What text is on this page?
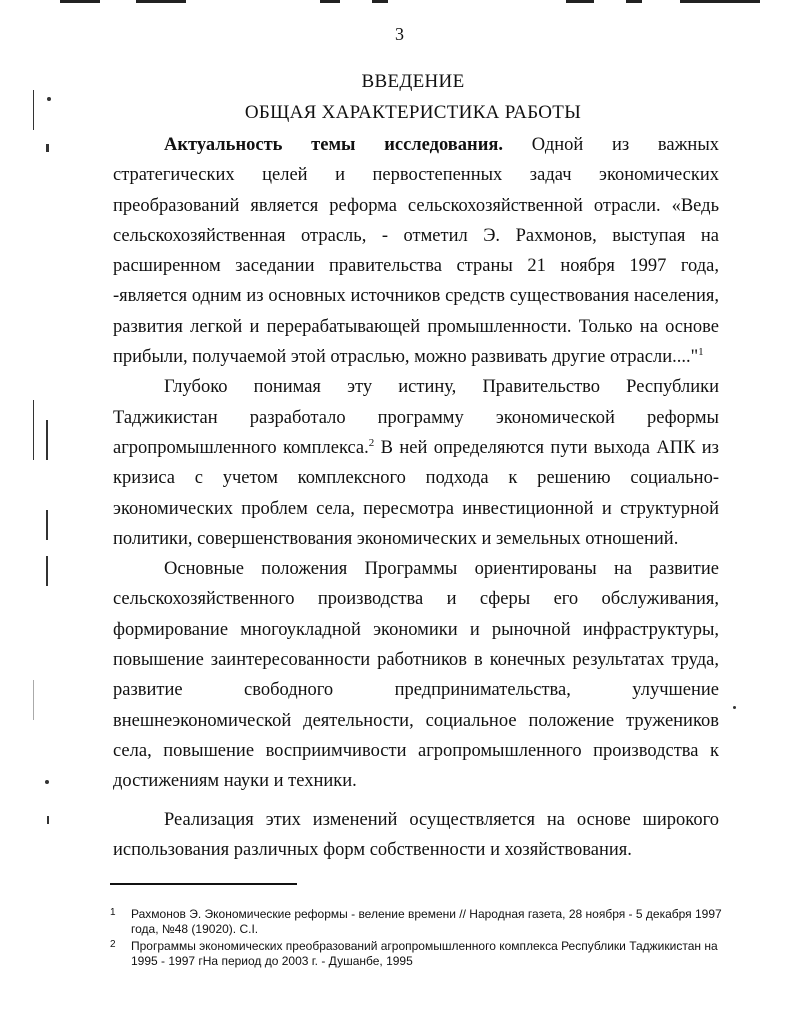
3
ВВЕДЕНИЕ
ОБЩАЯ ХАРАКТЕРИСТИКА РАБОТЫ

Актуальность темы исследования. Одной из важных стратегических целей и первостепенных задач экономических преобразований является реформа сельскохозяйственной отрасли. «Ведь сельскохозяйственная отрасль, - отметил Э. Рахмонов, выступая на расширенном заседании правительства страны 21 ноября 1997 года, -является одним из основных источников средств существования населения, развития легкой и перерабатывающей промышленности. Только на основе прибыли, получаемой этой отраслью, можно развивать другие отрасли...."$^1$

Глубоко понимая эту истину, Правительство Республики Таджикистан разработало программу экономической реформы агропромышленного комплекса.$^2$ В ней определяются пути выхода АПК из кризиса с учетом комплексного подхода к решению социально-экономических проблем села, пересмотра инвестиционной и структурной политики, совершенствования экономических и земельных отношений.

Основные положения Программы ориентированы на развитие сельскохозяйственного производства и сферы его обслуживания, формирование многоукладной экономики и рыночной инфраструктуры, повышение заинтересованности работников в конечных результатах труда, развитие свободного предпринимательства, улучшение внешнеэкономической деятельности, социальное положение тружеников села, повышение восприимчивости агропромышленного производства к достижениям науки и техники.

Реализация этих изменений осуществляется на основе широкого использования различных форм собственности и хозяйствования.

1 Рахмонов Э. Экономические реформы - веление времени // Народная газета, 28 ноября - 5 декабря 1997 года, №48 (19020). С.I.
2 Программы экономических преобразований агропромышленного комплекса Республики Таджикистан на 1995 - 1997 гНа период до 2003 г. - Душанбе, 1995
